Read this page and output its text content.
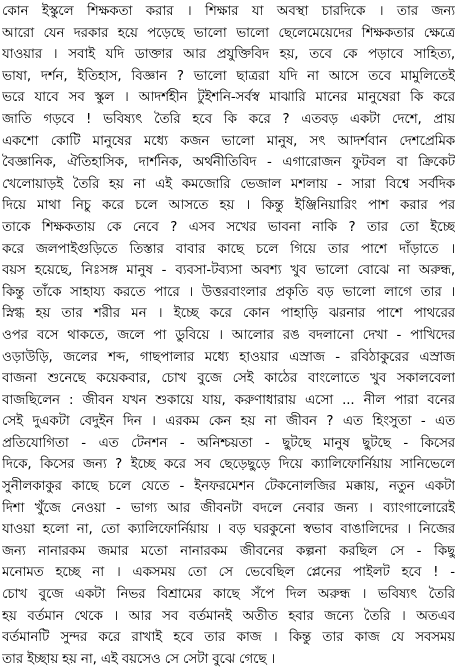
কোন ইস্কুলে শিক্ষকতা করার । শিক্ষার যা অবস্থা চারদিকে । তার জন্য
আরো যেন দরকার হয়ে পড়েছে ভালো ভালো ছেলেমেয়েদের শিক্ষকতার ক্ষেত্রে
যাওয়ার । সবাই যদি ডাক্তার আর প্রযুক্তিবিদ হয়, তবে কে পড়াবে সাহিত্য,
ভাষা, দর্শন, ইতিহাস, বিজ্ঞান ? ভালো ছাত্ররা যদি না আসে তবে মামুলিতেই
ভরে যাবে সব স্কুল । আদর্শহীন টুইশনি-সর্বস্ব মাঝারি মানের মানুষেরা কি করে
জাতি গড়বে ! ভবিষ্যৎ তৈরি হবে কি করে ? এতবড় একটা দেশে, প্রায়
একশো কোটি মানুষের মধ্যে কজন ভালো মানুষ, সৎ আদর্শবান দেশপ্রেমিক
বৈজ্ঞানিক, ঐতিহাসিক, দার্শনিক, অর্থনীতিবিদ - এগারোজন ফুটবল বা ক্রিকেট
খেলোয়াড়ই তৈরি হয় না এই কমজোরি ভেজাল মশলায় - সারা বিশ্বে সর্বদিক
দিয়ে মাথা নিচু করে চলে আসতে হয় । কিন্তু ইঞ্জিনিয়ারিং পাশ করার পর
তাকে শিক্ষকতায় কে নেবে ? এসব সখের ভাবনা নাকি ? তার তো ইচ্ছে
করে জলপাইগুড়িতে তিস্তার বাবার কাছে চলে গিয়ে তার পাশে দাঁড়াতে ।
বয়স হয়েছে, নিঃসঙ্গ মানুষ - ব্যবসা-টব্যসা অবশ্য খুব ভালো বোঝে না অরুন্ধ,
কিন্তু তাঁকে সাহায্য করতে পারে । উত্তরবাংলার প্রকৃতি বড় ভালো লাগে তার ।
স্নিগ্ধ হয় তার শরীর মন । ইচ্ছে করে কোন পাহাড়ি ঝরনার পাশে পাথরের
ওপর বসে থাকতে, জলে পা ডুবিয়ে । আলোর রঙ বদলানো দেখা - পাখিদের
ওড়াউড়ি, জলের শব্দ, গাছপালার মধ্যে হাওয়ার এস্রাজ - রবিঠাকুরের এস্রাজ
বাজনা শুনেছে কয়েকবার, চোখ বুজে সেই কাঠের বাংলোতে খুব সকালবেলা
বাজছিলেন : জীবন যখন শুকায়ে যায়, করুণাধারায় এসো ... নীল পারা বনের
সেই দুএকটা বেদুইন দিন । এরকম কেন হয় না জীবন ? এত হিংসুতা - এত
প্রতিযোগিতা - এত টেনশন - অনিশ্চয়তা - ছুটছে মানুষ ছুটছে - কিসের
দিকে, কিসের জন্য ? ইচ্ছে করে সব ছেড়েছুড়ে দিয়ে ক্যালিফোর্নিয়ায় সানিভেলে
সুনীলকাকুর কাছে চলে যেতে - ইনফরমেশন টেকনোলজির মক্কায়, নতুন একটা
দিশা খুঁজে নেওয়া - ভাগ্য আর জীবনটা বদলে নেবার জন্য । ব্যাংগালোরেই
যাওয়া হলো না, তো ক্যালিফোর্নিয়ায় । বড় ঘরকুনো স্বভাব বাঙালিদের । নিজের
জন্য নানারকম জমার মতো নানারকম জীবনের কল্পনা করছিল সে - কিছু
মনোমত হচ্ছে না । একসময় তো সে ভেবেছিল প্লেনের পাইলট হবে ! -
চোখ বুজে একটা নিভর বিশ্রামের কাছে সঁপে দিল অরুন্ধ । ভবিষ্যৎ তৈরি
হয় বর্তমান থেকে । আর সব বর্তমানই অতীত হবার জন্যে তৈরি । অতএব
বর্তমানটি সুন্দর করে রাখাই হবে তার কাজ । কিন্তু তার কাজ যে সবসময়
তার ইচ্ছায় হয় না, এই বয়সেও সে সেটা বুঝে গেছে ।
